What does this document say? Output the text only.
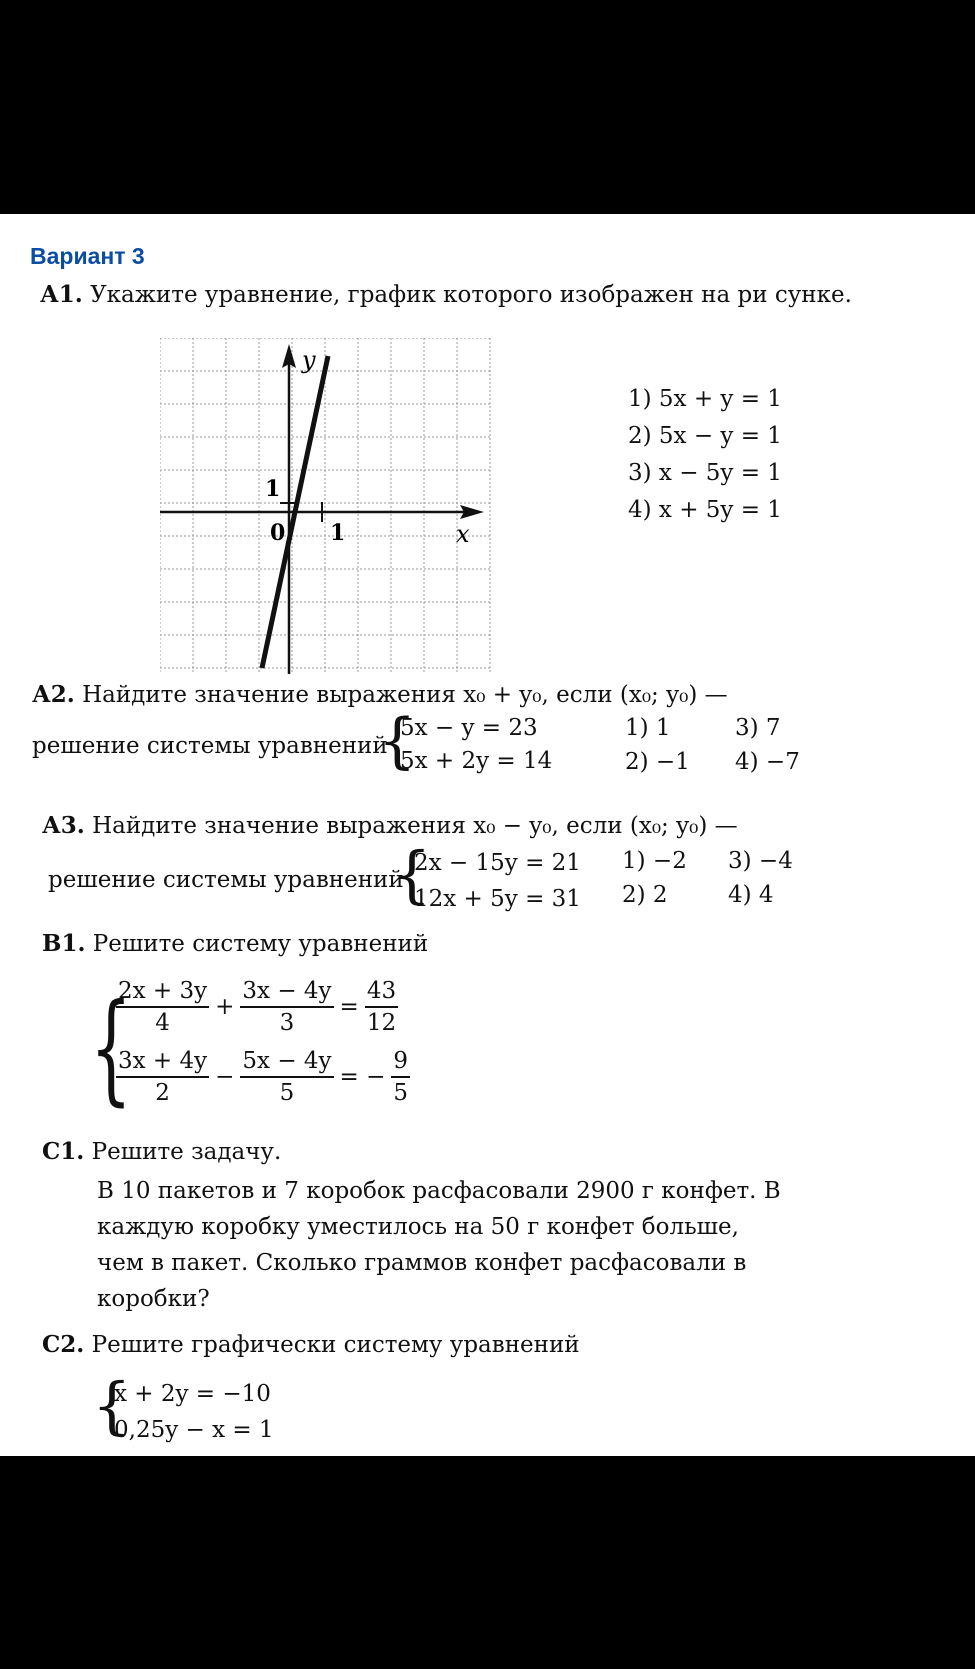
Вариант 3
А1. Укажите уравнение, график которого изображен на ри сунке.
y
x
0 1
1
1) 5x + y = 1
2) 5x − y = 1
3) x − 5y = 1
4) x + 5y = 1
А2. Найдите значение выражения x₀ + y₀, если (x₀; y₀) —
решение системы уравнений
{
5x − y = 23
5x + 2y = 14
1) 1	3) 7
2) −1 4) −7
А3. Найдите значение выражения x₀ − y₀, если (x₀; y₀) —
решение системы уравнений
{
2x − 15y = 21
12x + 5y = 31
1) −2 3) −4
2) 2	4) 4
В1. Решите систему уравнений
{
$\frac{2x + 3y}{4} + \frac{3x - 4y}{3} = \frac{43}{12}$
$\frac{3x + 4y}{2} - \frac{5x - 4y}{5}$ = − $\frac{9}{5}$
С1. Решите задачу.
В 10 пакетов и 7 коробок расфасовали 2900 г конфет. В
каждую коробку уместилось на 50 г конфет больше,
чем в пакет. Сколько граммов конфет расфасовали в
коробки?
С2. Решите графически систему уравнений
{
x + 2y = −10
0,25y − x = 1
